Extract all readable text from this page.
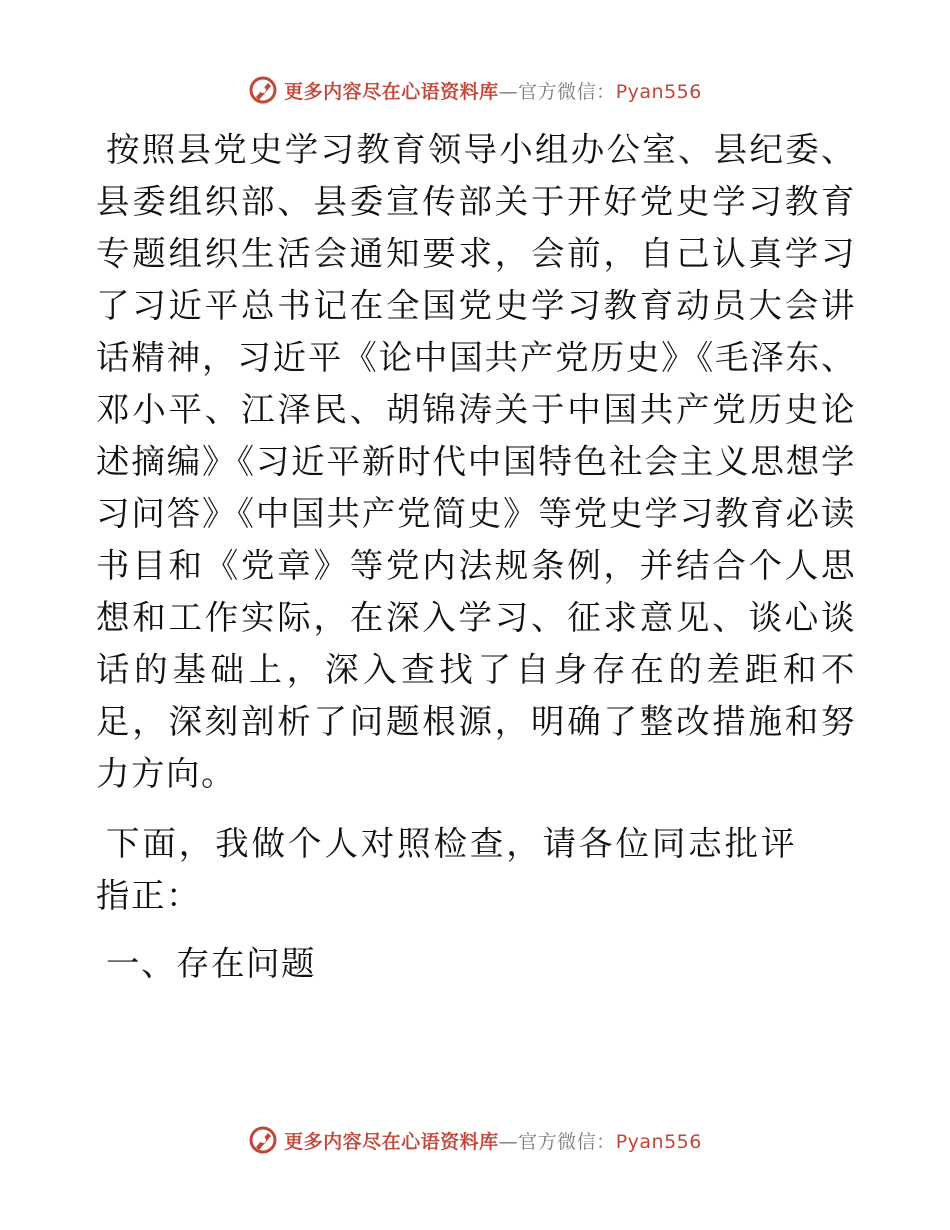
更多内容尽在心语资料库—官方微信：Pyan556

按照县党史学习教育领导小组办公室、县纪委、县委组织部、县委宣传部关于开好党史学习教育专题组织生活会通知要求，会前，自己认真学习了习近平总书记在全国党史学习教育动员大会讲话精神，习近平《论中国共产党历史》《毛泽东、邓小平、江泽民、胡锦涛关于中国共产党历史论述摘编》《习近平新时代中国特色社会主义思想学习问答》《中国共产党简史》等党史学习教育必读书目和《党章》等党内法规条例，并结合个人思想和工作实际，在深入学习、征求意见、谈心谈话的基础上，深入查找了自身存在的差距和不足，深刻剖析了问题根源，明确了整改措施和努力方向。

下面，我做个人对照检查，请各位同志批评指正：

一、存在问题

更多内容尽在心语资料库—官方微信：Pyan556
